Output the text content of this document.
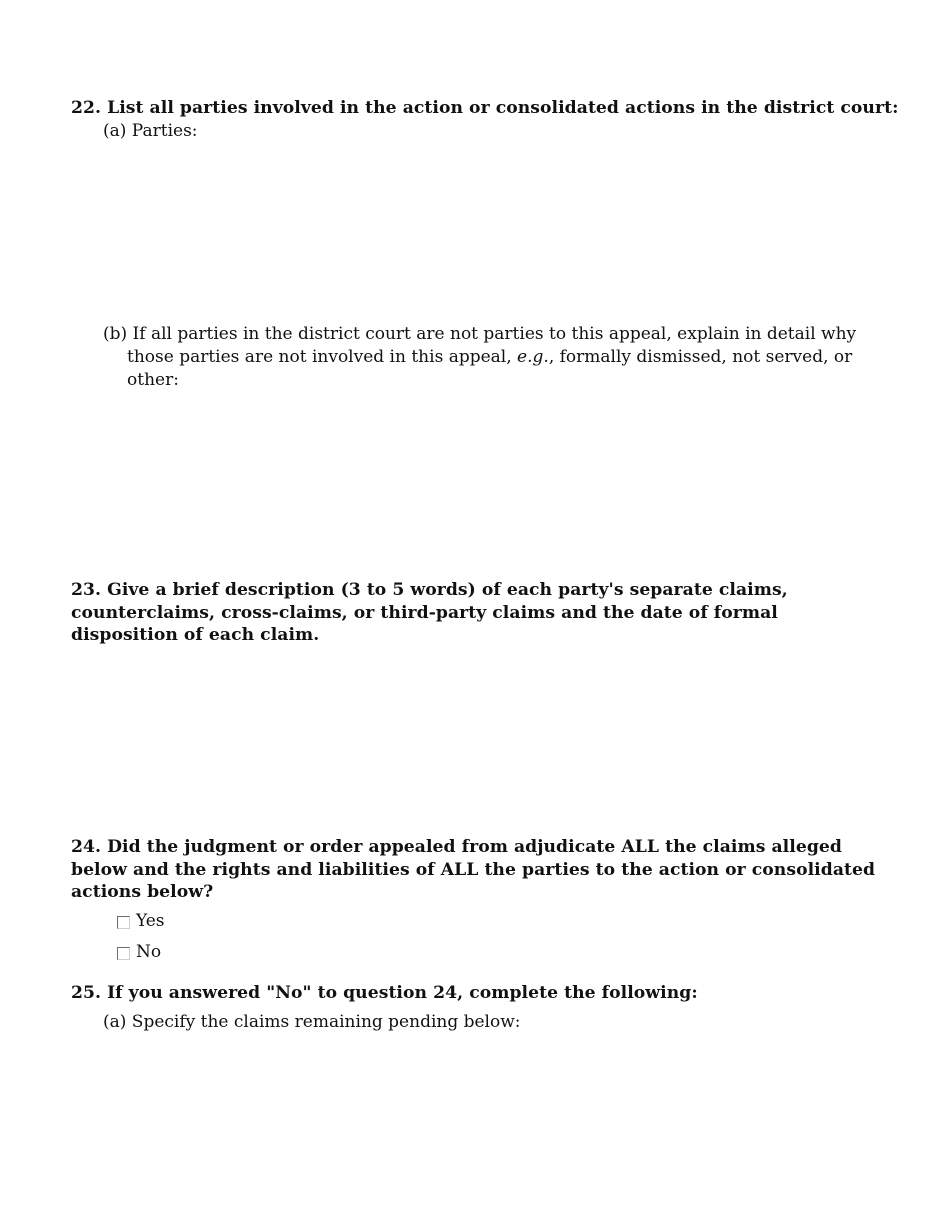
22. List all parties involved in the action or consolidated actions in the district court:
(a) Parties:
(b) If all parties in the district court are not parties to this appeal, explain in detail why those parties are not involved in this appeal, e.g., formally dismissed, not served, or other:
23. Give a brief description (3 to 5 words) of each party's separate claims, counterclaims, cross-claims, or third-party claims and the date of formal disposition of each claim.
24. Did the judgment or order appealed from adjudicate ALL the claims alleged below and the rights and liabilities of ALL the parties to the action or consolidated actions below?
Yes
No
25. If you answered "No" to question 24, complete the following:
(a) Specify the claims remaining pending below:
